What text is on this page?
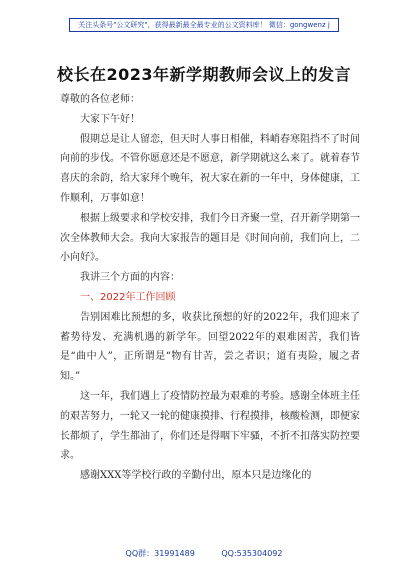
关注头条号"公文研究"，获得最新最全最专业的公文资料库！ 微信：gongwenz j
校长在2023年新学期教师会议上的发言

尊敬的各位老师：

大家下午好！

假期总是让人留恋，但天时人事日相催，料峭春寒阻挡不了时间向前的步伐。不管你愿意还是不愿意，新学期就这么来了。就着春节喜庆的余韵，给大家拜个晚年，祝大家在新的一年中，身体健康，工作顺利，万事如意！

根据上级要求和学校安排，我们今日齐聚一堂，召开新学期第一次全体教师大会。我向大家报告的题目是《时间向前，我们向上，二小向好》。

我讲三个方面的内容：

一、2022年工作回顾

告别困难比预想的多，收获比预想的好的2022年，我们迎来了蓄势待发、充满机遇的新学年。回望2022年的艰难困苦，我们皆是“曲中人”，正所谓是“物有甘苦，尝之者识；道有夷险，履之者知。”

这一年，我们遇上了疫情防控最为艰难的考验。感谢全体班主任的艰苦努力，一轮又一轮的健康摸排、行程摸排，核酸检测，即便家长都烦了，学生都油了，你们还是得咽下牢骚，不折不扣落实防控要求。

感谢XXX等学校行政的辛勤付出，原本只是边缘化的

QQ群：31991489	QQ:535304092
